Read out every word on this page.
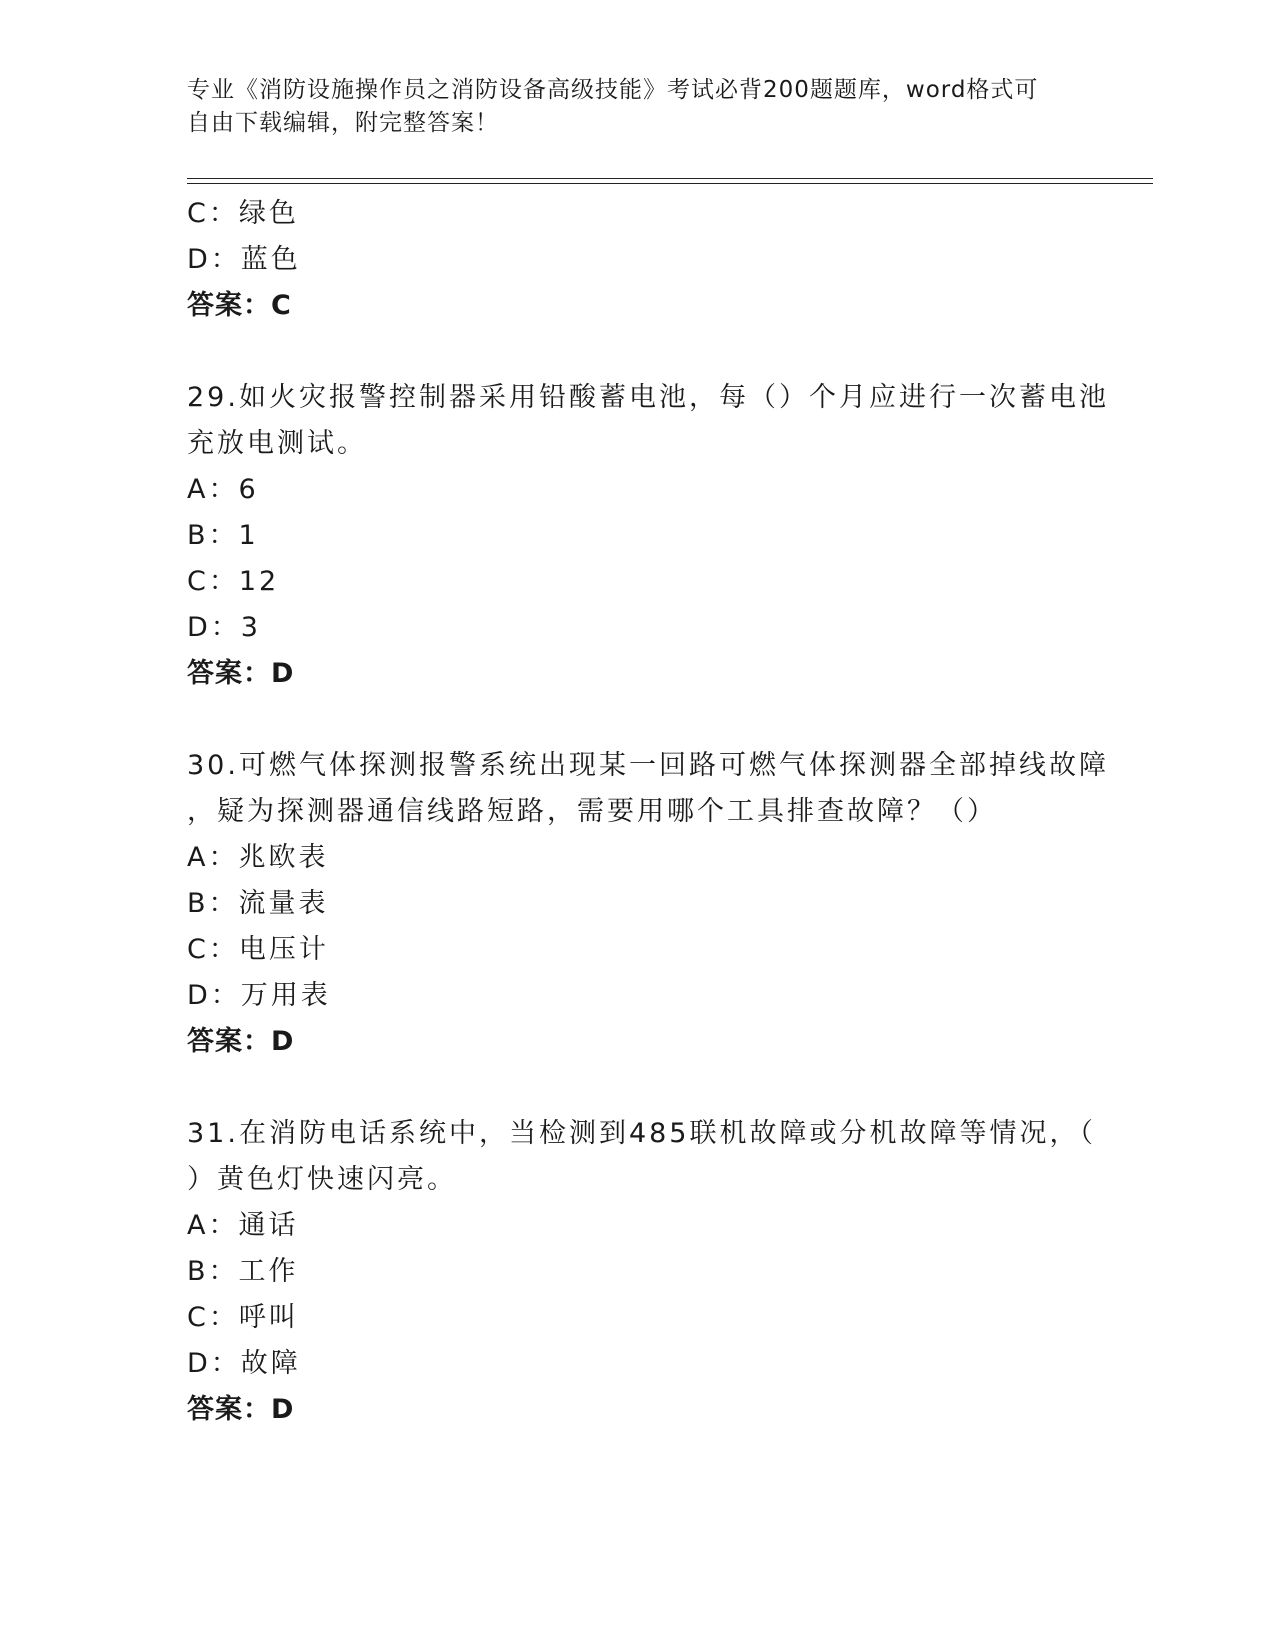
专业《消防设施操作员之消防设备高级技能》考试必背200题题库，word格式可
自由下载编辑，附完整答案！
C：绿色
D：蓝色
答案：C
29.如火灾报警控制器采用铅酸蓄电池，每（）个月应进行一次蓄电池
充放电测试。
A：6
B：1
C：12
D：3
答案：D
30.可燃气体探测报警系统出现某一回路可燃气体探测器全部掉线故障
，疑为探测器通信线路短路，需要用哪个工具排查故障？（）
A：兆欧表
B：流量表
C：电压计
D：万用表
答案：D
31.在消防电话系统中，当检测到485联机故障或分机故障等情况，（
）黄色灯快速闪亮。
A：通话
B：工作
C：呼叫
D：故障
答案：D
